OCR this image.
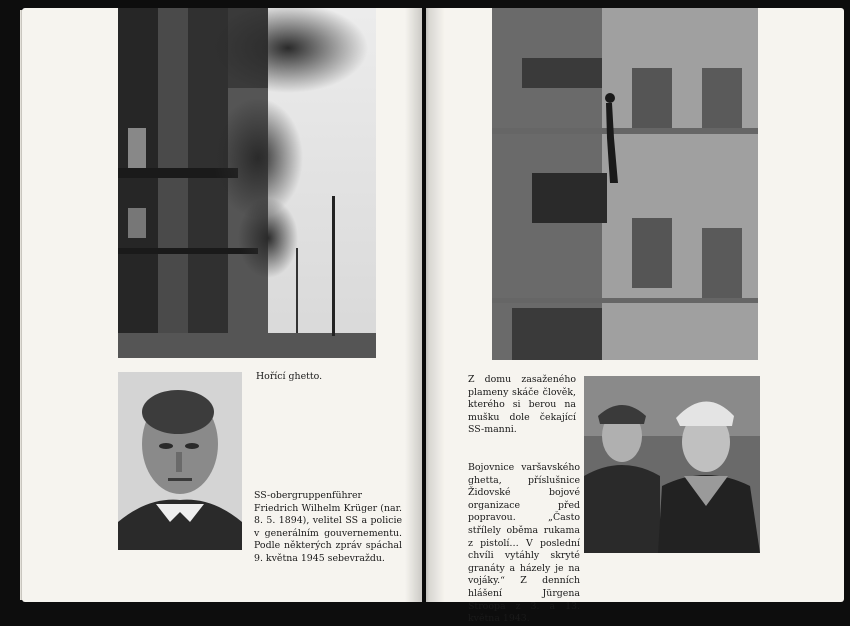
Hořící ghetto.

SS-obergruppenführer Friedrich Wilhelm Krüger (nar. 8. 5. 1894), velitel SS a policie v generálním gouvernementu. Podle některých zpráv spáchal 9. května 1945 sebevraždu.

Z domu zasaženého plameny skáče člověk, kterého si berou na mušku dole čekající SS-manni.

Bojovnice varšavského ghetta, příslušnice Židovské bojové organizace před popravou. „Často střílely oběma rukama z pistolí… V poslední chvíli vytáhly skryté granáty a házely je na vojáky.“ Z denních hlášení Jürgena Stroopa z 3. a 13. května 1943.
